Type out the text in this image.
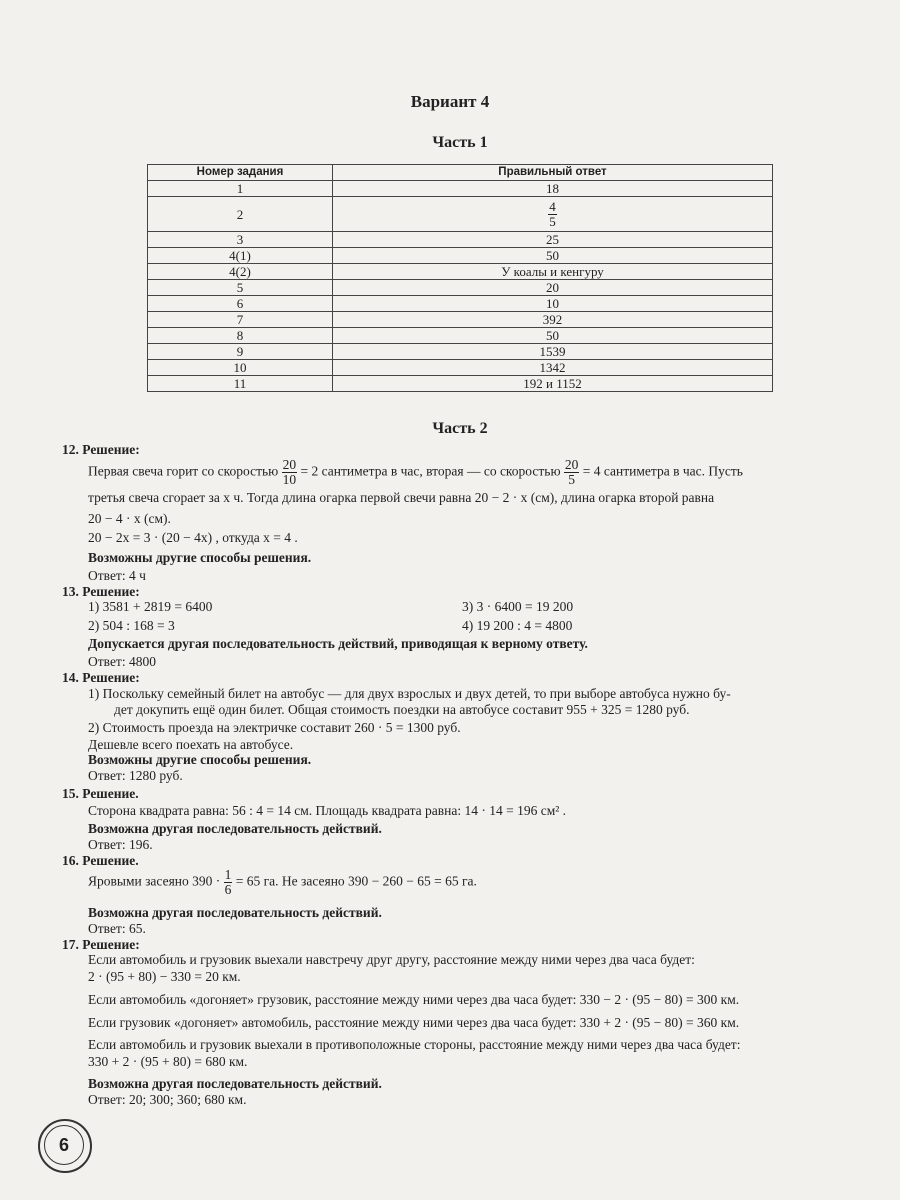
Вариант 4
Часть 1
Номер задания	Правильный ответ
1	18
2	$\frac{4}{5}$

3	25
4(1)	50
4(2)	У коалы и кенгуру
5	20
6	10
7	392
8	50
9	1539
10	1342
11	192 и 1152
Часть 2
12. Решение:
Первая свеча горит со скоростью $\frac{20}{10} = 2$ сантиметра в час, вторая — со скоростью $\frac{20}{5} = 4$ сантиметра в час. Пусть
третья свеча сгорает за x ч. Тогда длина огарка первой свечи равна 20 − 2 · x (см), длина огарка второй равна
20 − 4 · x (см).
20 − 2x = 3 · (20 − 4x) , откуда x = 4 .
Возможны другие способы решения.
Ответ: 4 ч
13. Решение:
1) 3581 + 2819 = 6400	3) 3 · 6400 = 19 200
2) 504 : 168 = 3	4) 19 200 : 4 = 4800
Допускается другая последовательность действий, приводящая к верному ответу.
Ответ: 4800
14. Решение:
1) Поскольку семейный билет на автобус — для двух взрослых и двух детей, то при выборе автобуса нужно бу-
дет докупить ещё один билет. Общая стоимость поездки на автобусе составит 955 + 325 = 1280 руб.
2) Стоимость проезда на электричке составит 260 · 5 = 1300 руб.
Дешевле всего поехать на автобусе.
Возможны другие способы решения.
Ответ: 1280 руб.
15. Решение.
Сторона квадрата равна: 56 : 4 = 14 см. Площадь квадрата равна: 14 · 14 = 196 см² .
Возможна другая последовательность действий.
Ответ: 196.
16. Решение.
Яровыми засеяно $390 \cdot \frac{1}{6} = 65$ га. Не засеяно 390 − 260 − 65 = 65 га.
Возможна другая последовательность действий.
Ответ: 65.
17. Решение:
Если автомобиль и грузовик выехали навстречу друг другу, расстояние между ними через два часа будет:
2 · (95 + 80) − 330 = 20 км.
Если автомобиль «догоняет» грузовик, расстояние между ними через два часа будет: 330 − 2 · (95 − 80) = 300 км.
Если грузовик «догоняет» автомобиль, расстояние между ними через два часа будет: 330 + 2 · (95 − 80) = 360 км.
Если автомобиль и грузовик выехали в противоположные стороны, расстояние между ними через два часа будет:
330 + 2 · (95 + 80) = 680 км.
Возможна другая последовательность действий.
Ответ: 20; 300; 360; 680 км.
6
